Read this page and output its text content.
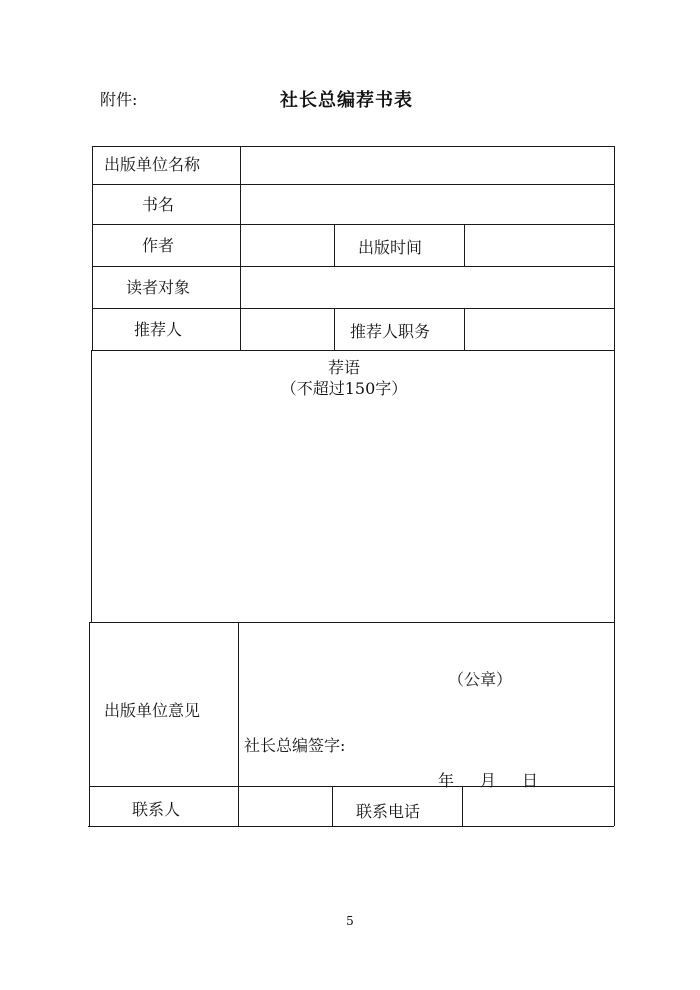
附件:	社长总编荐书表
出版单位名称
书名
作者	出版时间
读者对象
推荐人	推荐人职务
荐语
（不超过150字）
出版单位意见
（公章）
社长总编签字:
年 月 日
联系人	联系电话
5
